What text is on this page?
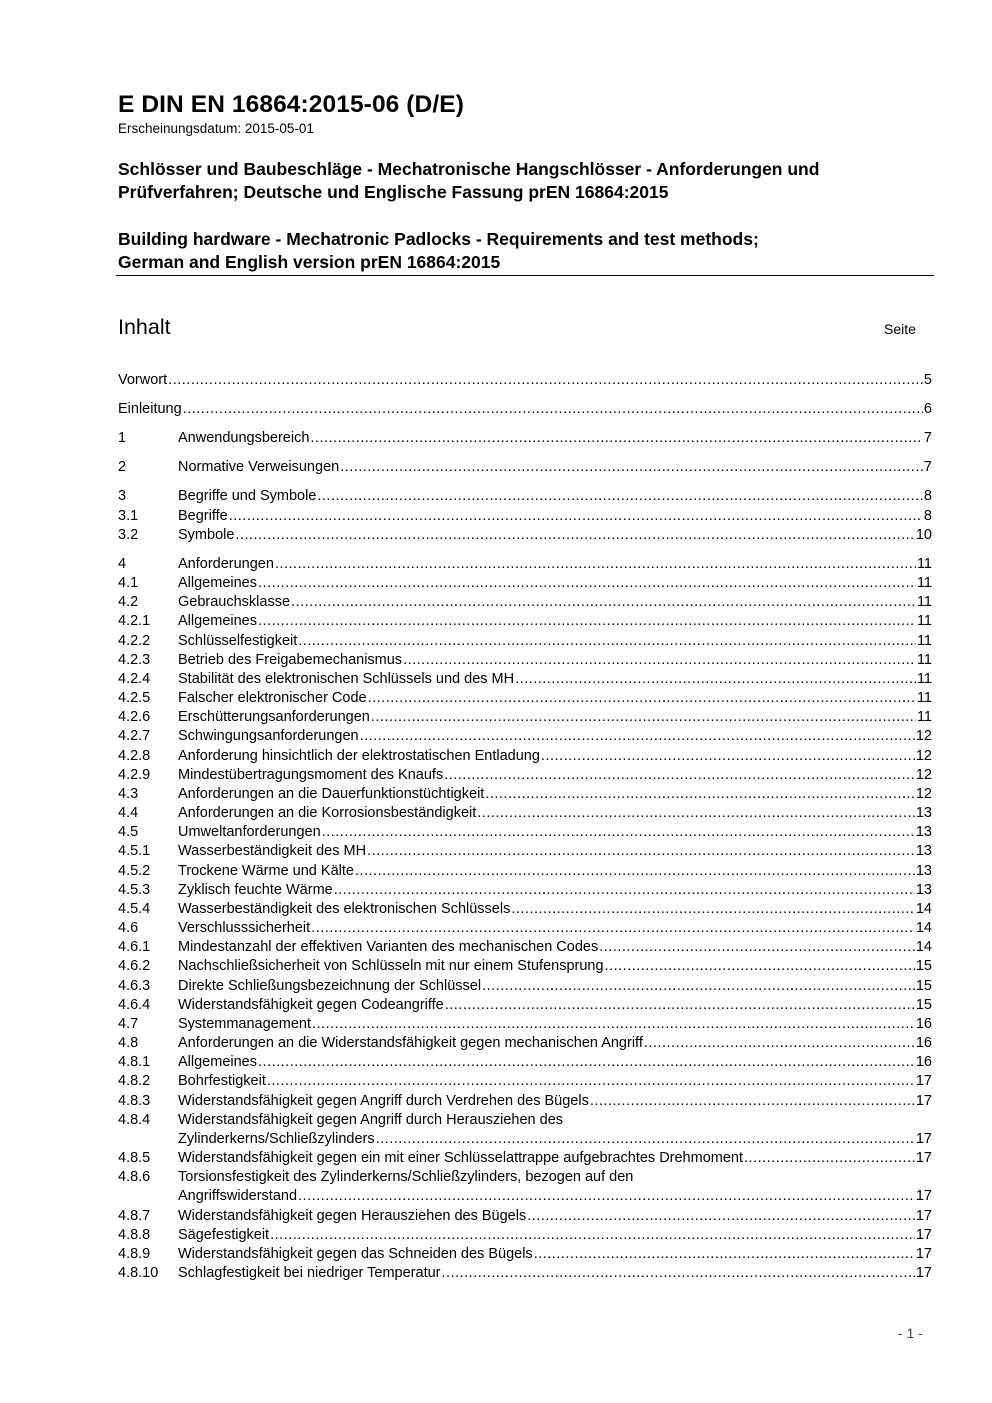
E DIN EN 16864:2015-06 (D/E)
Erscheinungsdatum: 2015-05-01
Schlösser und Baubeschläge - Mechatronische Hangschlösser - Anforderungen und
Prüfverfahren; Deutsche und Englische Fassung prEN 16864:2015
Building hardware - Mechatronic Padlocks - Requirements and test methods;
German and English version prEN 16864:2015
Inhalt	Seite
Vorwort .....	5
Einleitung .....	6
1	Anwendungsbereich .....	7
2	Normative Verweisungen .....	7
3	Begriffe und Symbole .....	8
3.1	Begriffe .....	8
3.2	Symbole .....	10
4	Anforderungen .....	11
4.1	Allgemeines .....	11
4.2	Gebrauchsklasse .....	11
4.2.1	Allgemeines .....	11
4.2.2	Schlüsselfestigkeit .....	11
4.2.3	Betrieb des Freigabemechanismus .....	11
4.2.4	Stabilität des elektronischen Schlüssels und des MH .....	11
4.2.5	Falscher elektronischer Code .....	11
4.2.6	Erschütterungsanforderungen .....	11
4.2.7	Schwingungsanforderungen .....	12
4.2.8	Anforderung hinsichtlich der elektrostatischen Entladung .....	12
4.2.9	Mindestübertragungsmoment des Knaufs .....	12
4.3	Anforderungen an die Dauerfunktionstüchtigkeit .....	12
4.4	Anforderungen an die Korrosionsbeständigkeit .....	13
4.5	Umweltanforderungen .....	13
4.5.1	Wasserbeständigkeit des MH .....	13
4.5.2	Trockene Wärme und Kälte .....	13
4.5.3	Zyklisch feuchte Wärme .....	13
4.5.4	Wasserbeständigkeit des elektronischen Schlüssels .....	14
4.6	Verschlusssicherheit .....	14
4.6.1	Mindestanzahl der effektiven Varianten des mechanischen Codes .....	14
4.6.2	Nachschließsicherheit von Schlüsseln mit nur einem Stufensprung .....	15
4.6.3	Direkte Schließungsbezeichnung der Schlüssel .....	15
4.6.4	Widerstandsfähigkeit gegen Codeangriffe .....	15
4.7	Systemmanagement .....	16
4.8	Anforderungen an die Widerstandsfähigkeit gegen mechanischen Angriff .....	16
4.8.1	Allgemeines .....	16
4.8.2	Bohrfestigkeit .....	17
4.8.3	Widerstandsfähigkeit gegen Angriff durch Verdrehen des Bügels .....	17
4.8.4 Widerstandsfähigkeit gegen Angriff durch Herausziehen des
Zylinderkerns/Schließzylinders .....	17
4.8.5	Widerstandsfähigkeit gegen ein mit einer Schlüsselattrappe aufgebrachtes Drehmoment .....	17
4.8.6 Torsionsfestigkeit des Zylinderkerns/Schließzylinders, bezogen auf den
Angriffswiderstand .....	17
4.8.7	Widerstandsfähigkeit gegen Herausziehen des Bügels .....	17
4.8.8	Sägefestigkeit .....	17
4.8.9	Widerstandsfähigkeit gegen das Schneiden des Bügels .....	17
4.8.10	Schlagfestigkeit bei niedriger Temperatur .....	17
- 1 -
